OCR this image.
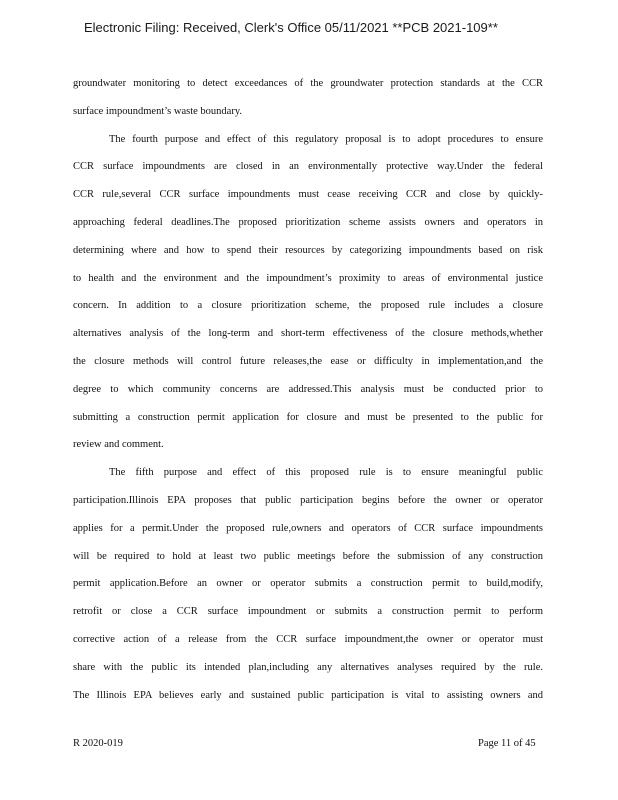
Electronic Filing: Received, Clerk's Office 05/11/2021 **PCB 2021-109**
groundwater monitoring to detect exceedances of the groundwater protection standards at the CCR
surface impoundment’s waste boundary.
The fourth purpose and effect of this regulatory proposal is to adopt procedures to ensure
CCR surface impoundments are closed in an environmentally protective way.Under the federal
CCR rule,several CCR surface impoundments must cease receiving CCR and close by quickly-
approaching federal deadlines.The proposed prioritization scheme assists owners and operators in
determining where and how to spend their resources by categorizing impoundments based on risk
to health and the environment and the impoundment’s proximity to areas of environmental justice
concern. In addition to a closure prioritization scheme, the proposed rule includes a closure
alternatives analysis of the long-term and short-term effectiveness of the closure methods,whether
the closure methods will control future releases,the ease or difficulty in implementation,and the
degree to which community concerns are addressed.This analysis must be conducted prior to
submitting a construction permit application for closure and must be presented to the public for
review and comment.
The fifth purpose and effect of this proposed rule is to ensure meaningful public
participation.Illinois EPA proposes that public participation begins before the owner or operator
applies for a permit.Under the proposed rule,owners and operators of CCR surface impoundments
will be required to hold at least two public meetings before the submission of any construction
permit application.Before an owner or operator submits a construction permit to build,modify,
retrofit or close a CCR surface impoundment or submits a construction permit to perform
corrective action of a release from the CCR surface impoundment,the owner or operator must
share with the public its intended plan,including any alternatives analyses required by the rule.
The Illinois EPA believes early and sustained public participation is vital to assisting owners and
R 2020-019	Page 11 of 45
